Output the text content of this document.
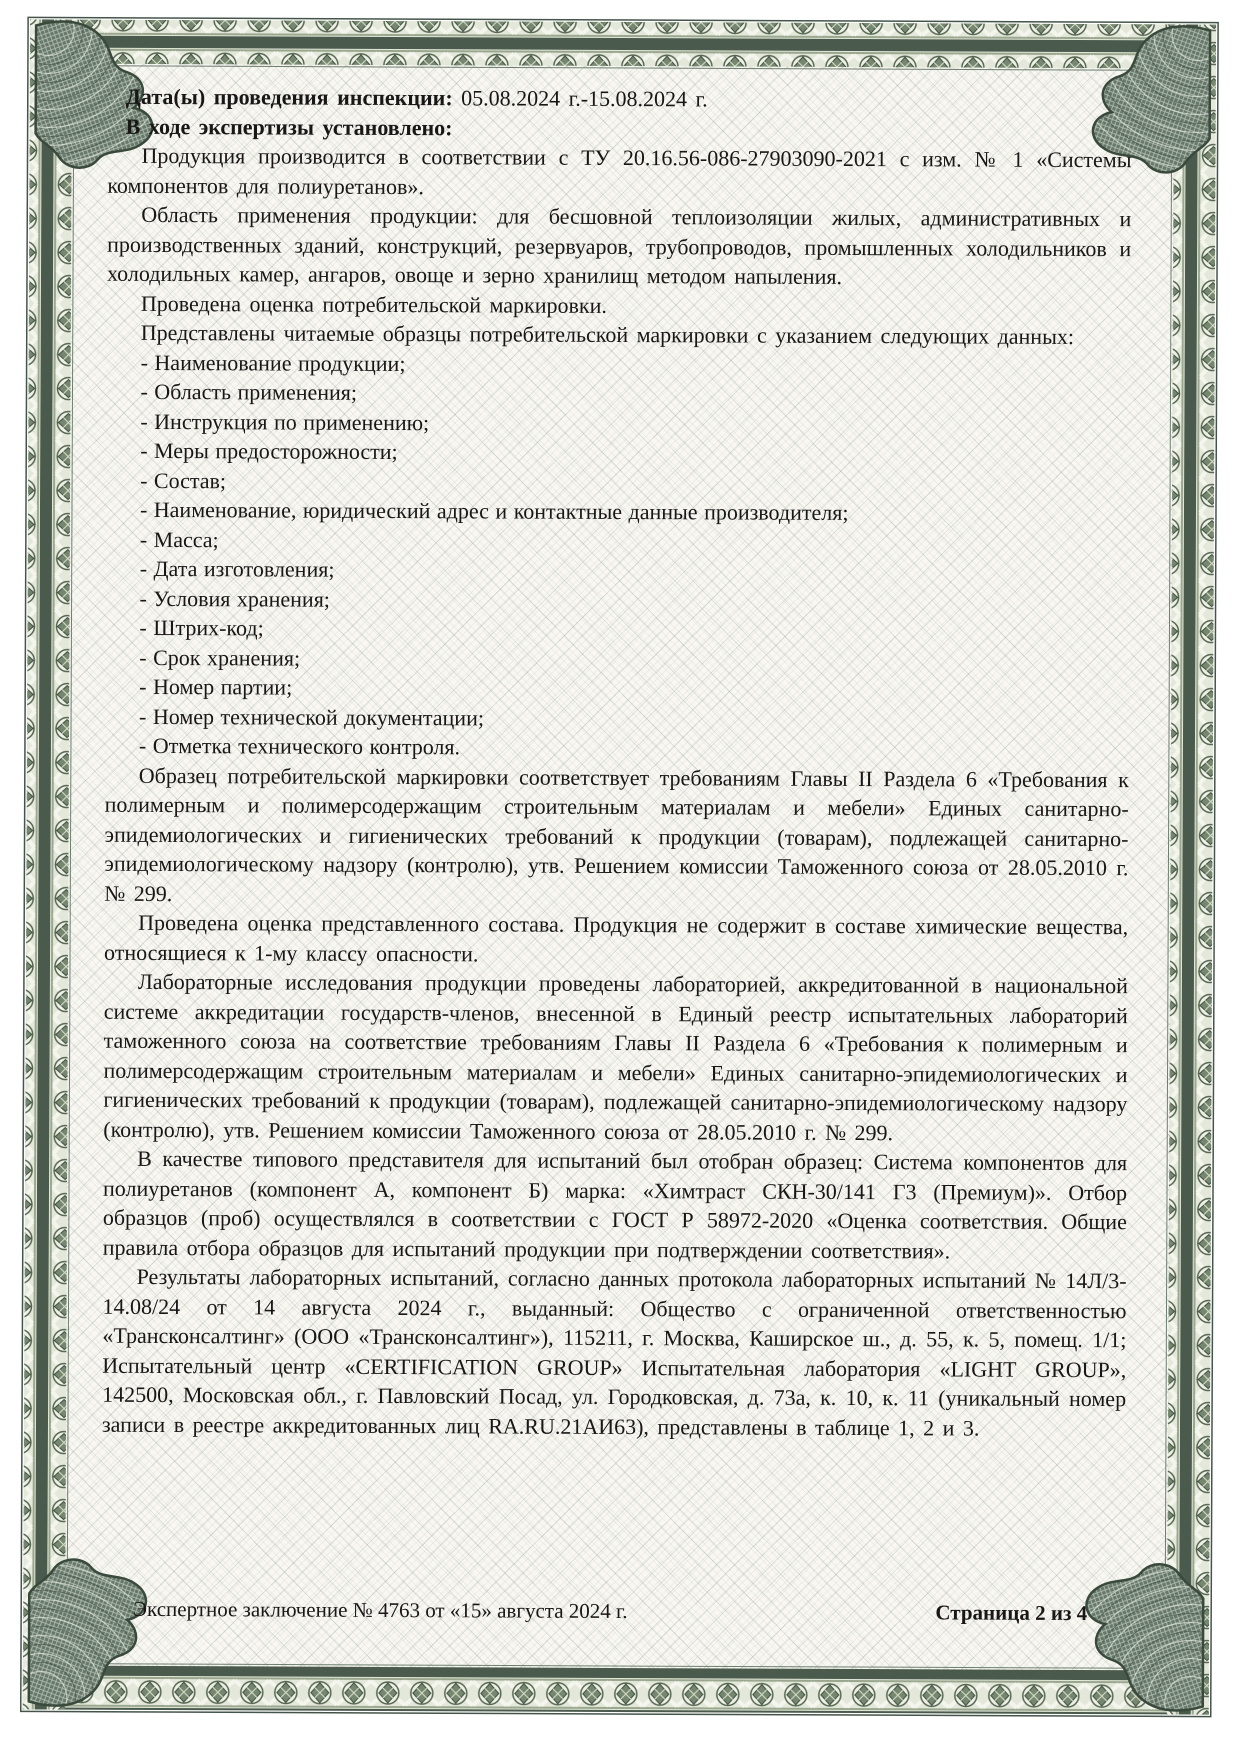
Дата(ы) проведения инспекции: 05.08.2024 г.-15.08.2024 г.
В ходе экспертизы установлено:
Продукция производится в соответствии с ТУ 20.16.56-086-27903090-2021 с изм. № 1 «Системы компонентов для полиуретанов».
Область применения продукции: для бесшовной теплоизоляции жилых, административных и производственных зданий, конструкций, резервуаров, трубопроводов, промышленных холодильников и холодильных камер, ангаров, овоще и зерно хранилищ методом напыления.
Проведена оценка потребительской маркировки.
Представлены читаемые образцы потребительской маркировки с указанием следующих данных:
- Наименование продукции;
- Область применения;
- Инструкция по применению;
- Меры предосторожности;
- Состав;
- Наименование, юридический адрес и контактные данные производителя;
- Масса;
- Дата изготовления;
- Условия хранения;
- Штрих-код;
- Срок хранения;
- Номер партии;
- Номер технической документации;
- Отметка технического контроля.
Образец потребительской маркировки соответствует требованиям Главы II Раздела 6 «Требования к полимерным и полимерсодержащим строительным материалам и мебели» Единых санитарно-эпидемиологических и гигиенических требований к продукции (товарам), подлежащей санитарно-эпидемиологическому надзору (контролю), утв. Решением комиссии Таможенного союза от 28.05.2010 г. № 299.
Проведена оценка представленного состава. Продукция не содержит в составе химические вещества, относящиеся к 1-му классу опасности.
Лабораторные исследования продукции проведены лабораторией, аккредитованной в национальной системе аккредитации государств-членов, внесенной в Единый реестр испытательных лабораторий таможенного союза на соответствие требованиям Главы II Раздела 6 «Требования к полимерным и полимерсодержащим строительным материалам и мебели» Единых санитарно-эпидемиологических и гигиенических требований к продукции (товарам), подлежащей санитарно-эпидемиологическому надзору (контролю), утв. Решением комиссии Таможенного союза от 28.05.2010 г. № 299.
В качестве типового представителя для испытаний был отобран образец: Система компонентов для полиуретанов (компонент А, компонент Б) марка: «Химтраст СКН-30/141 Г3 (Премиум)». Отбор образцов (проб) осуществлялся в соответствии с ГОСТ Р 58972-2020 «Оценка соответствия. Общие правила отбора образцов для испытаний продукции при подтверждении соответствия».
Результаты лабораторных испытаний, согласно данных протокола лабораторных испытаний № 14Л/3-14.08/24 от 14 августа 2024 г., выданный: Общество с ограниченной ответственностью «Трансконсалтинг» (ООО «Трансконсалтинг»), 115211, г. Москва, Каширское ш., д. 55, к. 5, помещ. 1/1; Испытательный центр «CERTIFICATION GROUP» Испытательная лаборатория «LIGHT GROUP», 142500, Московская обл., г. Павловский Посад, ул. Городковская, д. 73а, к. 10, к. 11 (уникальный номер записи в реестре аккредитованных лиц RA.RU.21АИ63), представлены в таблице 1, 2 и 3.
Экспертное заключение № 4763 от «15» августа 2024 г.	Страница 2 из 4
